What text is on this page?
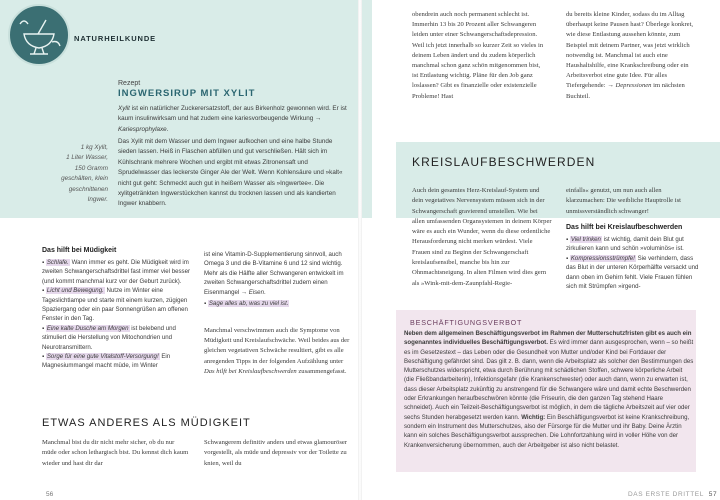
NATURHEILKUNDE
Rezept
INGWERSIRUP MIT XYLIT
Xylit ist ein natürlicher Zuckerersatzstoff, der aus Birkenholz gewonnen wird. Er ist kaum insulinwirksam und hat zudem eine kariesvorbeugende Wirkung → Kariesprophylaxe.
Das Xylit mit dem Wasser und dem Ingwer aufkochen und eine halbe Stunde sieden lassen. Heiß in Flaschen abfüllen und gut verschließen. Hält sich im Kühlschrank mehrere Wochen und ergibt mit etwas Zitronensaft und Sprudelwasser das leckerste Ginger Ale der Welt. Wenn Kohlensäure und »kalt« nicht gut geht: Schmeckt auch gut in heißem Wasser als »Ingwertee«. Die xylitgetränkten Ingwerstückchen kannst du trocknen lassen und als kandierten Ingwer knabbern.
1 kg Xylit,
1 Liter Wasser,
150 Gramm
geschälten, klein
geschnittenen
Ingwer.
Das hilft bei Müdigkeit
▪ Schlafe. Wann immer es geht. Die Müdigkeit wird im zweiten Schwangerschaftsdrittel fast immer viel besser (und kommt manchmal kurz vor der Geburt zurück).
▪ Licht und Bewegung. Nutze im Winter eine Tageslichtlampe und starte mit einem kurzen, zügigen Spaziergang oder ein paar Sonnengrüßen am offenen Fenster in den Tag.
▪ Eine kalte Dusche am Morgen ist belebend und stimuliert die Herstellung von Mitochondrien und Neurotransmittern.
▪ Sorge für eine gute Vitalstoff-Versorgung! Ein Magnesiummangel macht müde, im Winter
ist eine Vitamin-D-Supplementierung sinnvoll, auch Omega 3 und die B-Vitamine 6 und 12 sind wichtig. Mehr als die Hälfte aller Schwangeren entwickelt im zweiten Schwangerschaftsdrittel zudem einen Eisenmangel → Eisen.
▪ Sage alles ab, was zu viel ist.
Manchmal verschwimmen auch die Symptome von Müdigkeit und Kreislaufschwäche. Weil beides aus der gleichen vegetativen Schwäche resultiert, gibt es alle anregenden Tipps in der folgenden Aufzählung unter Das hilft bei Kreislaufbeschwerden zusammengefasst.
ETWAS ANDERES ALS MÜDIGKEIT
Manchmal bist du dir nicht mehr sicher, ob du nur müde oder schon lethargisch bist. Du kennst dich kaum wieder und hast dir dar
Schwangerem definitiv anders und etwas glamouröser vorgestellt, als müde und depressiv vor der Toilette zu knien, weil du
56
obendrein auch noch permanent schlecht ist. Immerhin 13 bis 20 Prozent aller Schwangeren leiden unter einer Schwangerschaftsdepression. Weil ich jetzt innerhalb so kurzer Zeit so vieles in deinem Leben ändert und du zudem körperlich manchmal schon ganz schön mitgenommen bist, ist Entlastung wichtig. Pläne für den Job ganz loslassen? Gibt es finanzielle oder existenzielle Probleme! Hast
du bereits kleine Kinder, sodass du im Alltag überhaupt keine Pausen hast? Überlege konkret, wie diese Entlastung aussehen könnte, zum Beispiel mit deinem Partner, was jetzt wirklich notwendig ist. Manchmal ist auch eine Haushaltshilfe, eine Krankschreibung oder ein Arbeitsverbot eine gute Idee. Für alles Tiefergehende: → Depressionen im nächsten Buchteil.
KREISLAUFBESCHWERDEN
Auch dein gesamtes Herz-Kreislauf-System und dein vegetatives Nervensystem müssen sich in der Schwangerschaft gravierend umstellen. Wie bei allen umfassenden Organsystemen in deinem Körper wäre es auch ein Wunder, wenn du diese ordentliche Herausforderung nicht merken würdest. Viele Frauen sind zu Beginn der Schwangerschaft kreislaufsensibel, manche bis hin zur Ohnmachtsneigung. In alten Filmen wird dies gern als »Wink-mit-dem-Zaunpfahl-Regie-
einfalls« genutzt, um nun auch allen klarzumachen: Die weibliche Hauptrolle ist unmissverständlich schwanger!
Das hilft bei Kreislaufbeschwerden
▪ Viel trinken ist wichtig, damit dein Blut gut zirkulieren kann und schön »voluminös« ist.
▪ Kompressionsstrümpfe! Sie verhindern, dass das Blut in der unteren Körperhälfte versackt und dann oben im Gehirn fehlt. Viele Frauen fühlen sich mit Strümpfen »irgend-
BESCHÄFTIGUNGSVERBOT
Neben dem allgemeinen Beschäftigungsverbot im Rahmen der Mutterschutzfristen gibt es auch ein sogenanntes individuelles Beschäftigungsverbot. Es wird immer dann ausgesprochen, wenn – so heißt es im Gesetzestext – das Leben oder die Gesundheit von Mutter und/oder Kind bei Fortdauer der Beschäftigung gefährdet sind. Das gilt z. B. dann, wenn die Arbeitsplatz als solcher den Bestimmungen des Mutterschutzes widerspricht, etwa durch Berührung mit schädlichen Stoffen, schwere körperliche Arbeit (die Fließbandarbeiterin), Infektionsgefahr (die Krankenschwester) oder auch dann, wenn zu erwarten ist, dass dieser Arbeitsplatz zukünftig zu anstrengend für die Schwangere wäre und damit echte Beschwerden oder Erkrankungen heraufbeschwören könnte (die Friseurin, die den ganzen Tag stehend Haare schneidet). Auch ein Teilzeit-Beschäftigungsverbot ist möglich, in dem die tägliche Arbeitszeit auf vier oder sechs Stunden herabgesetzt werden kann. Wichtig: Ein Beschäftigungsverbot ist keine Krankschreibung, sondern ein Instrument des Mutterschutzes, also der Fürsorge für die Mutter und ihr Baby. Deine Ärztin kann ein solches Beschäftigungsverbot aussprechen. Die Lohnfortzahlung wird in voller Höhe von der Krankenversicherung übernommen, auch der Arbeitgeber ist also nicht belastet.
DAS ERSTE DRITTEL 57
